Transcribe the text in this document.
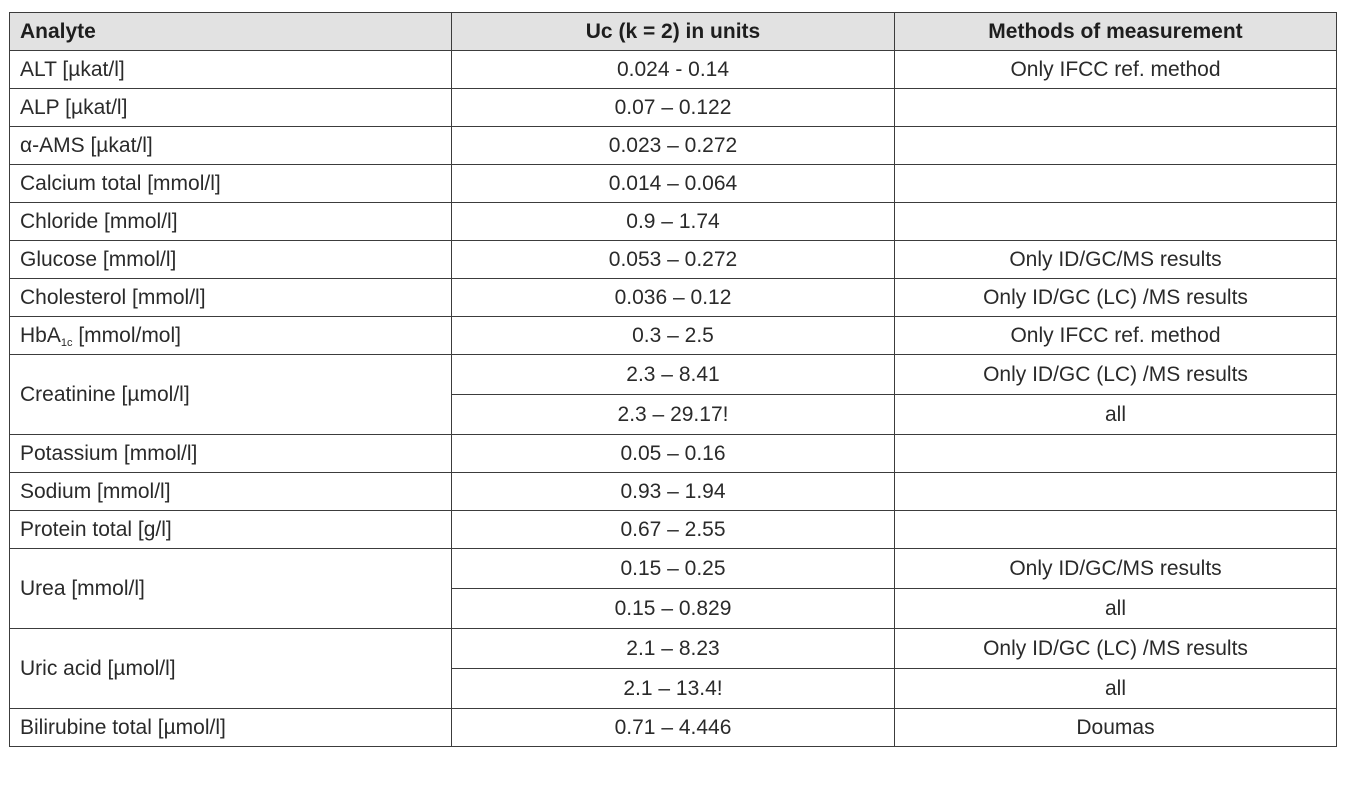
Analyte	Uc (k = 2) in units	Methods of measurement
ALT [µkat/l]	0.024 - 0.14	Only IFCC ref. method
ALP [µkat/l]	0.07 – 0.122	
α-AMS [µkat/l]	0.023 – 0.272	
Calcium total [mmol/l]	0.014 – 0.064	
Chloride [mmol/l]	0.9 – 1.74	
Glucose [mmol/l]	0.053 – 0.272	Only ID/GC/MS results
Cholesterol [mmol/l]	0.036 – 0.12	Only ID/GC (LC) /MS results
HbA$_{1c}$ [mmol/mol]	0.3 – 2.5	Only IFCC ref. method
Creatinine [µmol/l]	2.3 – 8.41	Only ID/GC (LC) /MS results
	2.3 – 29.17!	all
Potassium [mmol/l]	0.05 – 0.16	
Sodium [mmol/l]	0.93 – 1.94	
Protein total [g/l]	0.67 – 2.55	
Urea [mmol/l]	0.15 – 0.25	Only ID/GC/MS results
	0.15 – 0.829	all
Uric acid [µmol/l]	2.1 – 8.23	Only ID/GC (LC) /MS results
	2.1 – 13.4!	all
Bilirubine total [µmol/l]	0.71 – 4.446	Doumas
